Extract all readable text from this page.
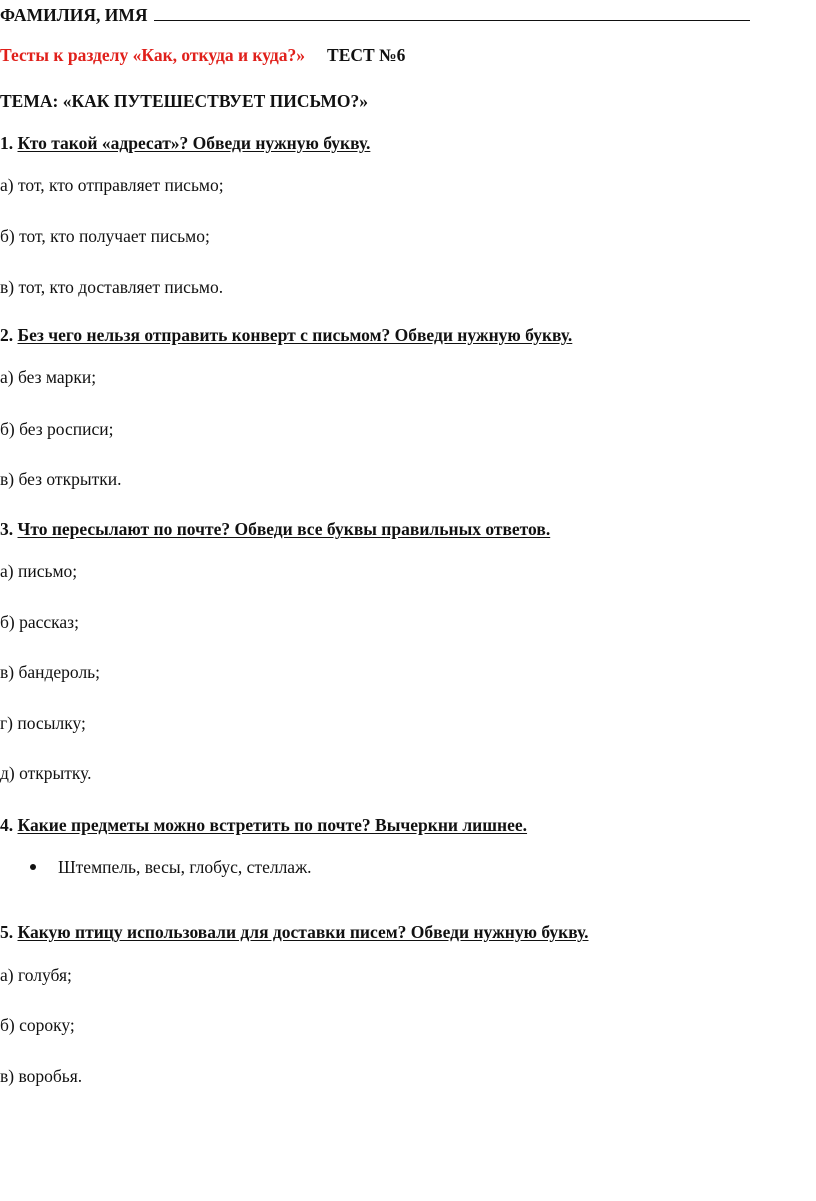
ФАМИЛИЯ, ИМЯ
Тесты к разделу «Как, откуда и куда?» ТЕСТ №6
ТЕМА: «КАК ПУТЕШЕСТВУЕТ ПИСЬМО?»
1. Кто такой «адресат»? Обведи нужную букву.
а) тот, кто отправляет письмо;
б) тот, кто получает письмо;
в) тот, кто доставляет письмо.
2. Без чего нельзя отправить конверт с письмом? Обведи нужную букву.
а) без марки;
б) без росписи;
в) без открытки.
3. Что пересылают по почте? Обведи все буквы правильных ответов.
а) письмо;
б) рассказ;
в) бандероль;
г) посылку;
д) открытку.
4. Какие предметы можно встретить по почте? Вычеркни лишнее.
Штемпель, весы, глобус, стеллаж.
5. Какую птицу использовали для доставки писем? Обведи нужную букву.
а) голубя;
б) сороку;
в) воробья.
